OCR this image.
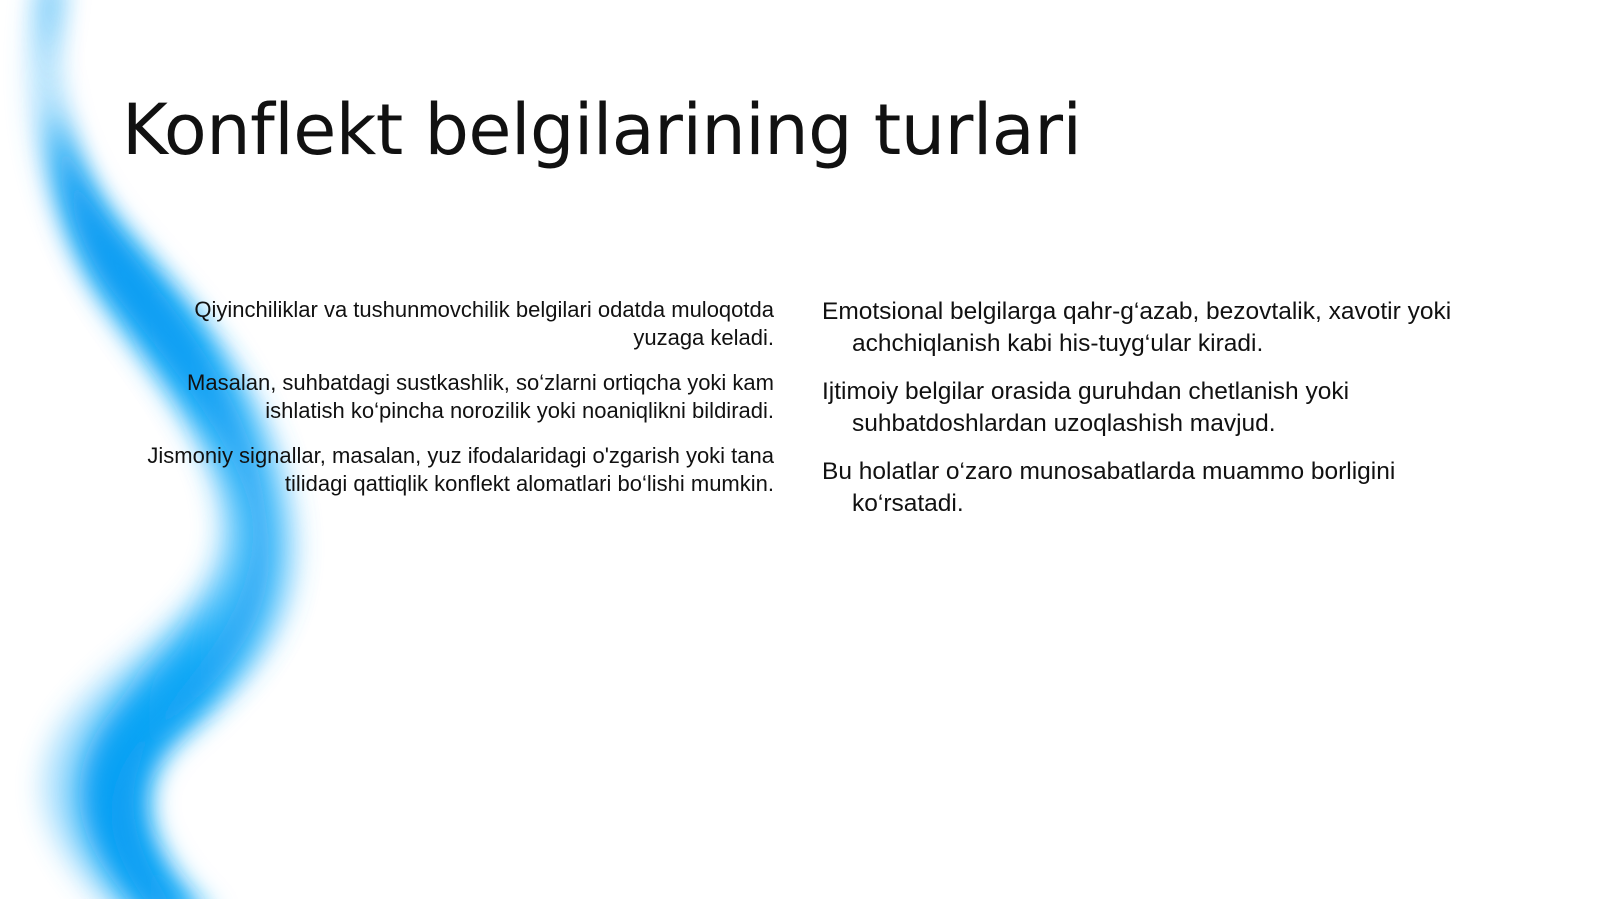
Konflekt belgilarining turlari

Qiyinchiliklar va tushunmovchilik belgilari odatda muloqotda yuzaga keladi.

Masalan, suhbatdagi sustkashlik, so‘zlarni ortiqcha yoki kam ishlatish ko‘pincha norozilik yoki noaniqlikni bildiradi.

Jismoniy signallar, masalan, yuz ifodalaridagi o'zgarish yoki tana tilidagi qattiqlik konflekt alomatlari bo‘lishi mumkin.

Emotsional belgilarga qahr-g‘azab, bezovtalik, xavotir yoki achchiqlanish kabi his-tuyg‘ular kiradi.

Ijtimoiy belgilar orasida guruhdan chetlanish yoki suhbatdoshlardan uzoqlashish mavjud.

Bu holatlar o‘zaro munosabatlarda muammo borligini ko‘rsatadi.
